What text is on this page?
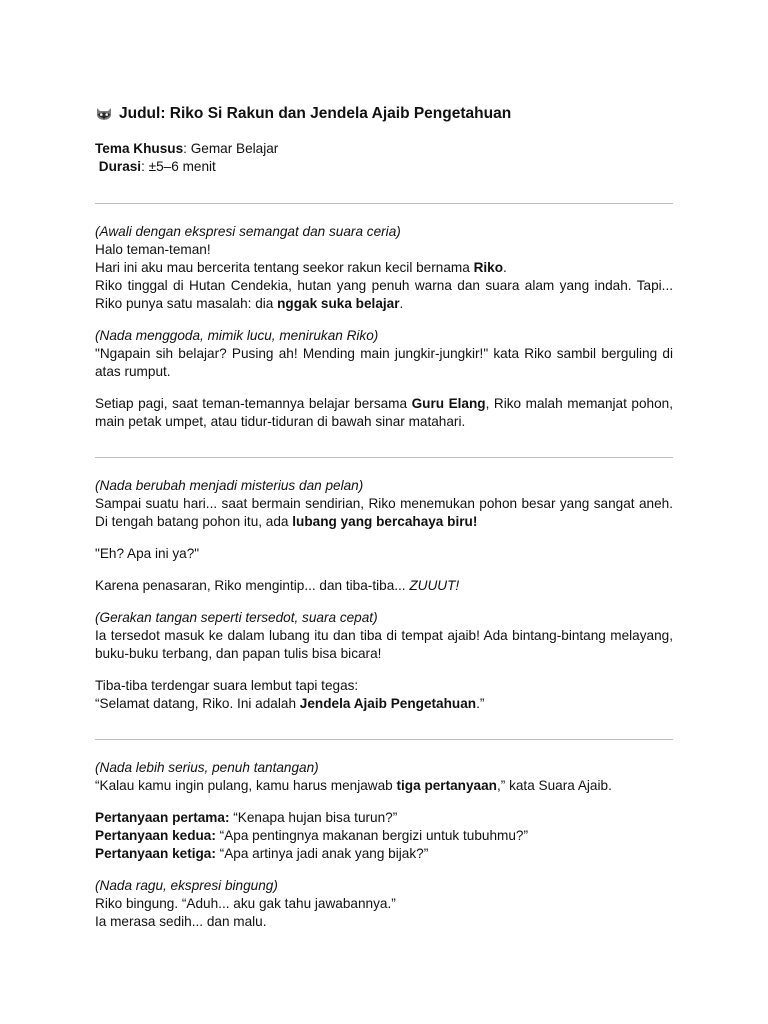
Judul: Riko Si Rakun dan Jendela Ajaib Pengetahuan

Tema Khusus: Gemar Belajar

Durasi: ±5–6 menit

(Awali dengan ekspresi semangat dan suara ceria)

Halo teman-teman!

Hari ini aku mau bercerita tentang seekor rakun kecil bernama Riko.

Riko tinggal di Hutan Cendekia, hutan yang penuh warna dan suara alam yang indah. Tapi... Riko punya satu masalah: dia nggak suka belajar.

(Nada menggoda, mimik lucu, menirukan Riko)

"Ngapain sih belajar? Pusing ah! Mending main jungkir-jungkir!" kata Riko sambil berguling di atas rumput.

Setiap pagi, saat teman-temannya belajar bersama Guru Elang, Riko malah memanjat pohon, main petak umpet, atau tidur-tiduran di bawah sinar matahari.

(Nada berubah menjadi misterius dan pelan)

Sampai suatu hari... saat bermain sendirian, Riko menemukan pohon besar yang sangat aneh. Di tengah batang pohon itu, ada lubang yang bercahaya biru!

"Eh? Apa ini ya?"

Karena penasaran, Riko mengintip... dan tiba-tiba... ZUUUT!

(Gerakan tangan seperti tersedot, suara cepat)

Ia tersedot masuk ke dalam lubang itu dan tiba di tempat ajaib! Ada bintang-bintang melayang, buku-buku terbang, dan papan tulis bisa bicara!

Tiba-tiba terdengar suara lembut tapi tegas:

“Selamat datang, Riko. Ini adalah Jendela Ajaib Pengetahuan.”

(Nada lebih serius, penuh tantangan)

“Kalau kamu ingin pulang, kamu harus menjawab tiga pertanyaan,” kata Suara Ajaib.

Pertanyaan pertama: “Kenapa hujan bisa turun?”

Pertanyaan kedua: “Apa pentingnya makanan bergizi untuk tubuhmu?”

Pertanyaan ketiga: “Apa artinya jadi anak yang bijak?”

(Nada ragu, ekspresi bingung)

Riko bingung. “Aduh... aku gak tahu jawabannya.”

Ia merasa sedih... dan malu.
